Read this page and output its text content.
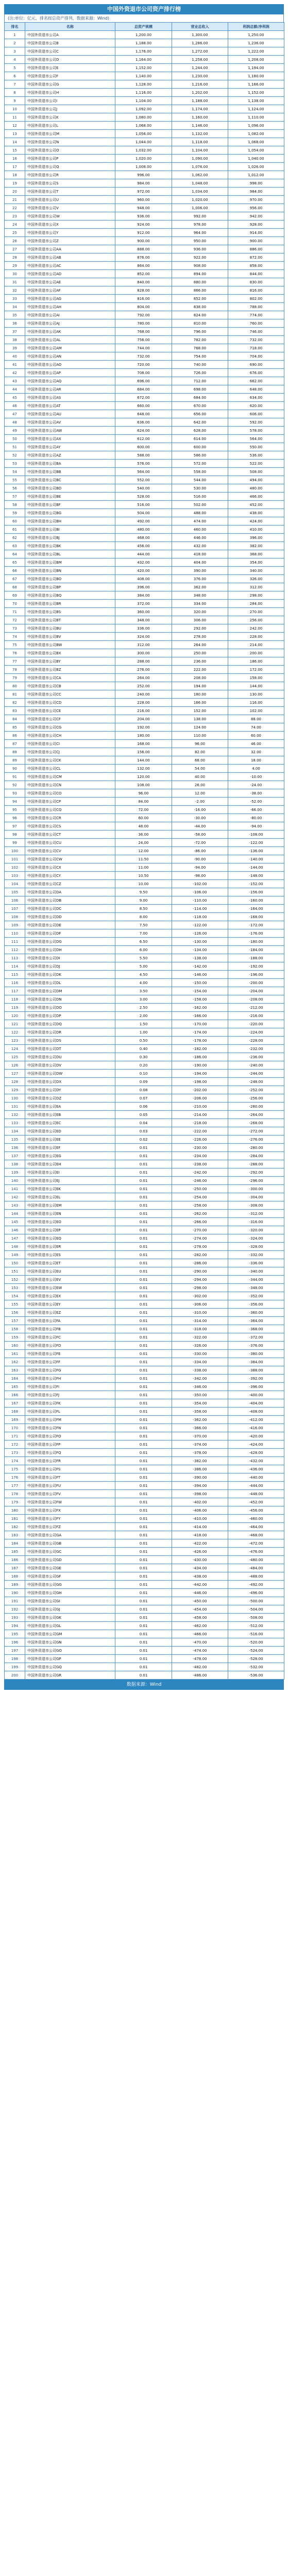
中国外资退市公司资产排行榜
(注:单位：亿元，排名按总资产排列，数据来源：Wind)
排名	名称	总资产规模	营业总收入	利润总额/净利润
1	中国外资退市公司A	1,200.00	1,300.00	1,250.00
2	中国外资退市公司B	1,188.00	1,286.00	1,236.00
3	中国外资退市公司C	1,176.00	1,272.00	1,222.00
4	中国外资退市公司D	1,164.00	1,258.00	1,208.00
5	中国外资退市公司E	1,152.00	1,244.00	1,194.00
6	中国外资退市公司F	1,140.00	1,230.00	1,180.00
7	中国外资退市公司G	1,128.00	1,216.00	1,166.00
8	中国外资退市公司H	1,116.00	1,202.00	1,152.00
9	中国外资退市公司I	1,104.00	1,188.00	1,138.00
10	中国外资退市公司J	1,092.00	1,174.00	1,124.00
11	中国外资退市公司K	1,080.00	1,160.00	1,110.00
12	中国外资退市公司L	1,068.00	1,146.00	1,096.00
13	中国外资退市公司M	1,056.00	1,132.00	1,082.00
14	中国外资退市公司N	1,044.00	1,118.00	1,068.00
15	中国外资退市公司O	1,032.00	1,104.00	1,054.00
16	中国外资退市公司P	1,020.00	1,090.00	1,040.00
17	中国外资退市公司Q	1,008.00	1,076.00	1,026.00
18	中国外资退市公司R	996.00	1,062.00	1,012.00
19	中国外资退市公司S	984.00	1,048.00	998.00
20	中国外资退市公司T	972.00	1,034.00	984.00
21	中国外资退市公司U	960.00	1,020.00	970.00
22	中国外资退市公司V	948.00	1,006.00	956.00
23	中国外资退市公司W	936.00	992.00	942.00
24	中国外资退市公司X	924.00	978.00	928.00
25	中国外资退市公司Y	912.00	964.00	914.00
26	中国外资退市公司Z	900.00	950.00	900.00
27	中国外资退市公司AA	888.00	936.00	886.00
28	中国外资退市公司AB	876.00	922.00	872.00
29	中国外资退市公司AC	864.00	908.00	858.00
30	中国外资退市公司AD	852.00	894.00	844.00
31	中国外资退市公司AE	840.00	880.00	830.00
32	中国外资退市公司AF	828.00	866.00	816.00
33	中国外资退市公司AG	816.00	852.00	802.00
34	中国外资退市公司AH	804.00	838.00	788.00
35	中国外资退市公司AI	792.00	824.00	774.00
36	中国外资退市公司AJ	780.00	810.00	760.00
37	中国外资退市公司AK	768.00	796.00	746.00
38	中国外资退市公司AL	756.00	782.00	732.00
39	中国外资退市公司AM	744.00	768.00	718.00
40	中国外资退市公司AN	732.00	754.00	704.00
41	中国外资退市公司AO	720.00	740.00	690.00
42	中国外资退市公司AP	708.00	726.00	676.00
43	中国外资退市公司AQ	696.00	712.00	662.00
44	中国外资退市公司AR	684.00	698.00	648.00
45	中国外资退市公司AS	672.00	684.00	634.00
46	中国外资退市公司AT	660.00	670.00	620.00
47	中国外资退市公司AU	648.00	656.00	606.00
48	中国外资退市公司AV	636.00	642.00	592.00
49	中国外资退市公司AW	624.00	628.00	578.00
50	中国外资退市公司AX	612.00	614.00	564.00
51	中国外资退市公司AY	600.00	600.00	550.00
52	中国外资退市公司AZ	588.00	586.00	536.00
53	中国外资退市公司BA	576.00	572.00	522.00
54	中国外资退市公司BB	564.00	558.00	508.00
55	中国外资退市公司BC	552.00	544.00	494.00
56	中国外资退市公司BD	540.00	530.00	480.00
57	中国外资退市公司BE	528.00	516.00	466.00
58	中国外资退市公司BF	516.00	502.00	452.00
59	中国外资退市公司BG	504.00	488.00	438.00
60	中国外资退市公司BH	492.00	474.00	424.00
61	中国外资退市公司BI	480.00	460.00	410.00
62	中国外资退市公司BJ	468.00	446.00	396.00
63	中国外资退市公司BK	456.00	432.00	382.00
64	中国外资退市公司BL	444.00	418.00	368.00
65	中国外资退市公司BM	432.00	404.00	354.00
66	中国外资退市公司BN	420.00	390.00	340.00
67	中国外资退市公司BO	408.00	376.00	326.00
68	中国外资退市公司BP	396.00	362.00	312.00
69	中国外资退市公司BQ	384.00	348.00	298.00
70	中国外资退市公司BR	372.00	334.00	284.00
71	中国外资退市公司BS	360.00	320.00	270.00
72	中国外资退市公司BT	348.00	306.00	256.00
73	中国外资退市公司BU	336.00	292.00	242.00
74	中国外资退市公司BV	324.00	278.00	228.00
75	中国外资退市公司BW	312.00	264.00	214.00
76	中国外资退市公司BX	300.00	250.00	200.00
77	中国外资退市公司BY	288.00	236.00	186.00
78	中国外资退市公司BZ	276.00	222.00	172.00
79	中国外资退市公司CA	264.00	208.00	158.00
80	中国外资退市公司CB	252.00	194.00	144.00
81	中国外资退市公司CC	240.00	180.00	130.00
82	中国外资退市公司CD	228.00	166.00	116.00
83	中国外资退市公司CE	216.00	152.00	102.00
84	中国外资退市公司CF	204.00	138.00	88.00
85	中国外资退市公司CG	192.00	124.00	74.00
86	中国外资退市公司CH	180.00	110.00	60.00
87	中国外资退市公司CI	168.00	96.00	46.00
88	中国外资退市公司CJ	156.00	82.00	32.00
89	中国外资退市公司CK	144.00	68.00	18.00
90	中国外资退市公司CL	132.00	54.00	4.00
91	中国外资退市公司CM	120.00	40.00	-10.00
92	中国外资退市公司CN	108.00	26.00	-24.00
93	中国外资退市公司CO	96.00	12.00	-38.00
94	中国外资退市公司CP	84.00	-2.00	-52.00
95	中国外资退市公司CQ	72.00	-16.00	-66.00
96	中国外资退市公司CR	60.00	-30.00	-80.00
97	中国外资退市公司CS	48.00	-44.00	-94.00
98	中国外资退市公司CT	36.00	-58.00	-108.00
99	中国外资退市公司CU	24.00	-72.00	-122.00
100	中国外资退市公司CV	12.00	-86.00	-136.00
101	中国外资退市公司CW	11.50	-90.00	-140.00
102	中国外资退市公司CX	11.00	-94.00	-144.00
103	中国外资退市公司CY	10.50	-98.00	-148.00
104	中国外资退市公司CZ	10.00	-102.00	-152.00
105	中国外资退市公司DA	9.50	-106.00	-156.00
106	中国外资退市公司DB	9.00	-110.00	-160.00
107	中国外资退市公司DC	8.50	-114.00	-164.00
108	中国外资退市公司DD	8.00	-118.00	-168.00
109	中国外资退市公司DE	7.50	-122.00	-172.00
110	中国外资退市公司DF	7.00	-126.00	-176.00
111	中国外资退市公司DG	6.50	-130.00	-180.00
112	中国外资退市公司DH	6.00	-134.00	-184.00
113	中国外资退市公司DI	5.50	-138.00	-188.00
114	中国外资退市公司DJ	5.00	-142.00	-192.00
115	中国外资退市公司DK	4.50	-146.00	-196.00
116	中国外资退市公司DL	4.00	-150.00	-200.00
117	中国外资退市公司DM	3.50	-154.00	-204.00
118	中国外资退市公司DN	3.00	-158.00	-208.00
119	中国外资退市公司DO	2.50	-162.00	-212.00
120	中国外资退市公司DP	2.00	-166.00	-216.00
121	中国外资退市公司DQ	1.50	-170.00	-220.00
122	中国外资退市公司DR	1.00	-174.00	-224.00
123	中国外资退市公司DS	0.50	-178.00	-228.00
124	中国外资退市公司DT	0.40	-182.00	-232.00
125	中国外资退市公司DU	0.30	-186.00	-236.00
126	中国外资退市公司DV	0.20	-190.00	-240.00
127	中国外资退市公司DW	0.10	-194.00	-244.00
128	中国外资退市公司DX	0.09	-198.00	-248.00
129	中国外资退市公司DY	0.08	-202.00	-252.00
130	中国外资退市公司DZ	0.07	-206.00	-256.00
131	中国外资退市公司EA	0.06	-210.00	-260.00
132	中国外资退市公司EB	0.05	-214.00	-264.00
133	中国外资退市公司EC	0.04	-218.00	-268.00
134	中国外资退市公司ED	0.03	-222.00	-272.00
135	中国外资退市公司EE	0.02	-226.00	-276.00
136	中国外资退市公司EF	0.01	-230.00	-280.00
137	中国外资退市公司EG	0.01	-234.00	-284.00
138	中国外资退市公司EH	0.01	-238.00	-288.00
139	中国外资退市公司EI	0.01	-242.00	-292.00
140	中国外资退市公司EJ	0.01	-246.00	-296.00
141	中国外资退市公司EK	0.01	-250.00	-300.00
142	中国外资退市公司EL	0.01	-254.00	-304.00
143	中国外资退市公司EM	0.01	-258.00	-308.00
144	中国外资退市公司EN	0.01	-262.00	-312.00
145	中国外资退市公司EO	0.01	-266.00	-316.00
146	中国外资退市公司EP	0.01	-270.00	-320.00
147	中国外资退市公司EQ	0.01	-274.00	-324.00
148	中国外资退市公司ER	0.01	-278.00	-328.00
149	中国外资退市公司ES	0.01	-282.00	-332.00
150	中国外资退市公司ET	0.01	-286.00	-336.00
151	中国外资退市公司EU	0.01	-290.00	-340.00
152	中国外资退市公司EV	0.01	-294.00	-344.00
153	中国外资退市公司EW	0.01	-298.00	-348.00
154	中国外资退市公司EX	0.01	-302.00	-352.00
155	中国外资退市公司EY	0.01	-306.00	-356.00
156	中国外资退市公司EZ	0.01	-310.00	-360.00
157	中国外资退市公司FA	0.01	-314.00	-364.00
158	中国外资退市公司FB	0.01	-318.00	-368.00
159	中国外资退市公司FC	0.01	-322.00	-372.00
160	中国外资退市公司FD	0.01	-326.00	-376.00
161	中国外资退市公司FE	0.01	-330.00	-380.00
162	中国外资退市公司FF	0.01	-334.00	-384.00
163	中国外资退市公司FG	0.01	-338.00	-388.00
164	中国外资退市公司FH	0.01	-342.00	-392.00
165	中国外资退市公司FI	0.01	-346.00	-396.00
166	中国外资退市公司FJ	0.01	-350.00	-400.00
167	中国外资退市公司FK	0.01	-354.00	-404.00
168	中国外资退市公司FL	0.01	-358.00	-408.00
169	中国外资退市公司FM	0.01	-362.00	-412.00
170	中国外资退市公司FN	0.01	-366.00	-416.00
171	中国外资退市公司FO	0.01	-370.00	-420.00
172	中国外资退市公司FP	0.01	-374.00	-424.00
173	中国外资退市公司FQ	0.01	-378.00	-428.00
174	中国外资退市公司FR	0.01	-382.00	-432.00
175	中国外资退市公司FS	0.01	-386.00	-436.00
176	中国外资退市公司FT	0.01	-390.00	-440.00
177	中国外资退市公司FU	0.01	-394.00	-444.00
178	中国外资退市公司FV	0.01	-398.00	-448.00
179	中国外资退市公司FW	0.01	-402.00	-452.00
180	中国外资退市公司FX	0.01	-406.00	-456.00
181	中国外资退市公司FY	0.01	-410.00	-460.00
182	中国外资退市公司FZ	0.01	-414.00	-464.00
183	中国外资退市公司GA	0.01	-418.00	-468.00
184	中国外资退市公司GB	0.01	-422.00	-472.00
185	中国外资退市公司GC	0.01	-426.00	-476.00
186	中国外资退市公司GD	0.01	-430.00	-480.00
187	中国外资退市公司GE	0.01	-434.00	-484.00
188	中国外资退市公司GF	0.01	-438.00	-488.00
189	中国外资退市公司GG	0.01	-442.00	-492.00
190	中国外资退市公司GH	0.01	-446.00	-496.00
191	中国外资退市公司GI	0.01	-450.00	-500.00
192	中国外资退市公司GJ	0.01	-454.00	-504.00
193	中国外资退市公司GK	0.01	-458.00	-508.00
194	中国外资退市公司GL	0.01	-462.00	-512.00
195	中国外资退市公司GM	0.01	-466.00	-516.00
196	中国外资退市公司GN	0.01	-470.00	-520.00
197	中国外资退市公司GO	0.01	-474.00	-524.00
198	中国外资退市公司GP	0.01	-478.00	-528.00
199	中国外资退市公司GQ	0.01	-482.00	-532.00
200	中国外资退市公司GR	0.01	-486.00	-536.00
数据来源：Wind
